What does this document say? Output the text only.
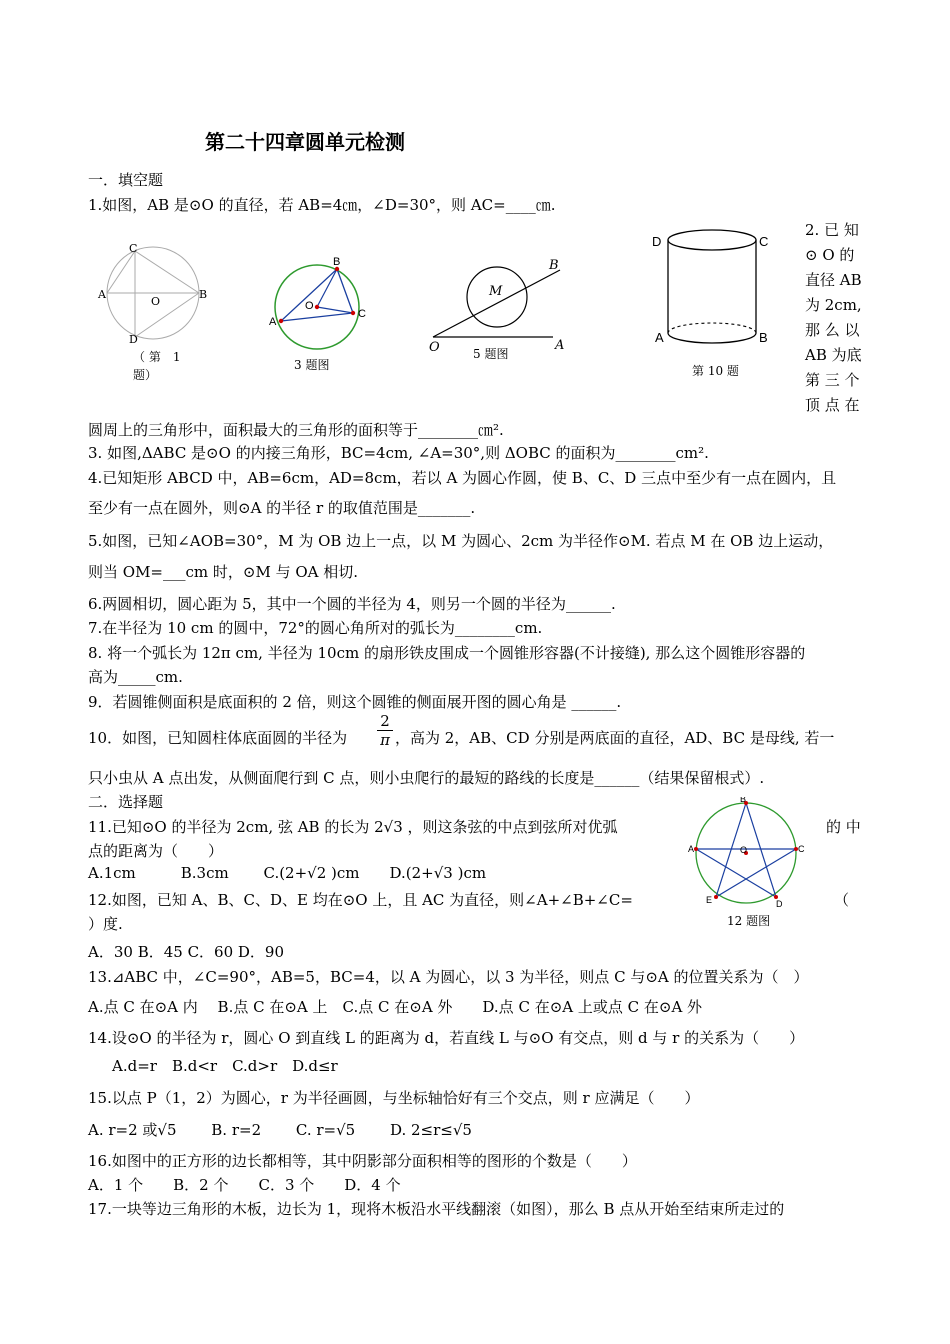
第二十四章圆单元检测
一．填空题
1.如图，AB 是⊙O 的直径，若 AB=4㎝，∠D=30°，则 AC=____㎝.
C
A
O
B
D
（ 第　1
题）
B
O
A
C
3 题图
B
M
O	A
5 题图
D	C
A	B
第 10 题
2. 已 知
⊙ O 的
直径 AB
为 2cm,
那 么 以
AB 为底
第 三 个
顶 点 在
圆周上的三角形中，面积最大的三角形的面积等于________㎝².
3. 如图,ΔABC 是⊙O 的内接三角形，BC=4cm, ∠A=30°,则 ΔOBC 的面积为________cm².
4.已知矩形 ABCD 中，AB=6cm，AD=8cm，若以 A 为圆心作圆，使 B、C、D 三点中至少有一点在圆内，且
至少有一点在圆外，则⊙A 的半径 r 的取值范围是_______.
5.如图，已知∠AOB=30°，M 为 OB 边上一点，以 M 为圆心、2cm 为半径作⊙M. 若点 M 在 OB 边上运动，
则当 OM=___cm 时，⊙M 与 OA 相切.
6.两圆相切，圆心距为 5，其中一个圆的半径为 4，则另一个圆的半径为______.
7.在半径为 10 cm 的圆中，72°的圆心角所对的弧长为________cm.
8. 将一个弧长为 12π cm, 半径为 10cm 的扇形铁皮围成一个圆锥形容器(不计接缝), 那么这个圆锥形容器的
高为_____cm.
9．若圆锥侧面积是底面积的 2 倍，则这个圆锥的侧面展开图的圆心角是 ______.
10．如图，已知圆柱体底面圆的半径为 $\frac{2}{\pi}$ ，高为 2，AB、CD 分别是两底面的直径，AD、BC 是母线, 若一
只小虫从 A 点出发，从侧面爬行到 C 点，则小虫爬行的最短的路线的长度是______（结果保留根式）.
二．选择题
11.已知⊙O 的半径为 2cm, 弦 AB 的长为 2√3 ，则这条弦的中点到弦所对优弧	的 中
点的距离为（　　）
A.1cm　　　B.3cm　　 C.(2+√2 )cm　　D.(2+√3 )cm
B
A	O	C
E	D
12 题图
12.如图，已知 A、B、C、D、E 均在⊙O 上，且 AC 为直径，则∠A+∠B+∠C=	（
）度.
A．30 B．45 C．60 D．90
13.⊿ABC 中，∠C=90°，AB=5，BC=4，以 A 为圆心，以 3 为半径，则点 C 与⊙A 的位置关系为（　）
A.点 C 在⊙A 内　 B.点 C 在⊙A 上　C.点 C 在⊙A 外　　D.点 C 在⊙A 上或点 C 在⊙A 外
14.设⊙O 的半径为 r，圆心 O 到直线 L 的距离为 d，若直线 L 与⊙O 有交点，则 d 与 r 的关系为（　　）
A.d=r　B.d<r　C.d>r　D.d≤r
15.以点 P（1，2）为圆心，r 为半径画圆，与坐标轴恰好有三个交点，则 r 应满足（　　）
A. r=2 或√5　　 B. r=2　　 C. r=√5　　 D. 2≤r≤√5
16.如图中的正方形的边长都相等，其中阴影部分面积相等的图形的个数是（　　）
A．1 个　　B．2 个　　C．3 个　　D．4 个
17.一块等边三角形的木板，边长为 1，现将木板沿水平线翻滚（如图），那么 B 点从开始至结束所走过的
